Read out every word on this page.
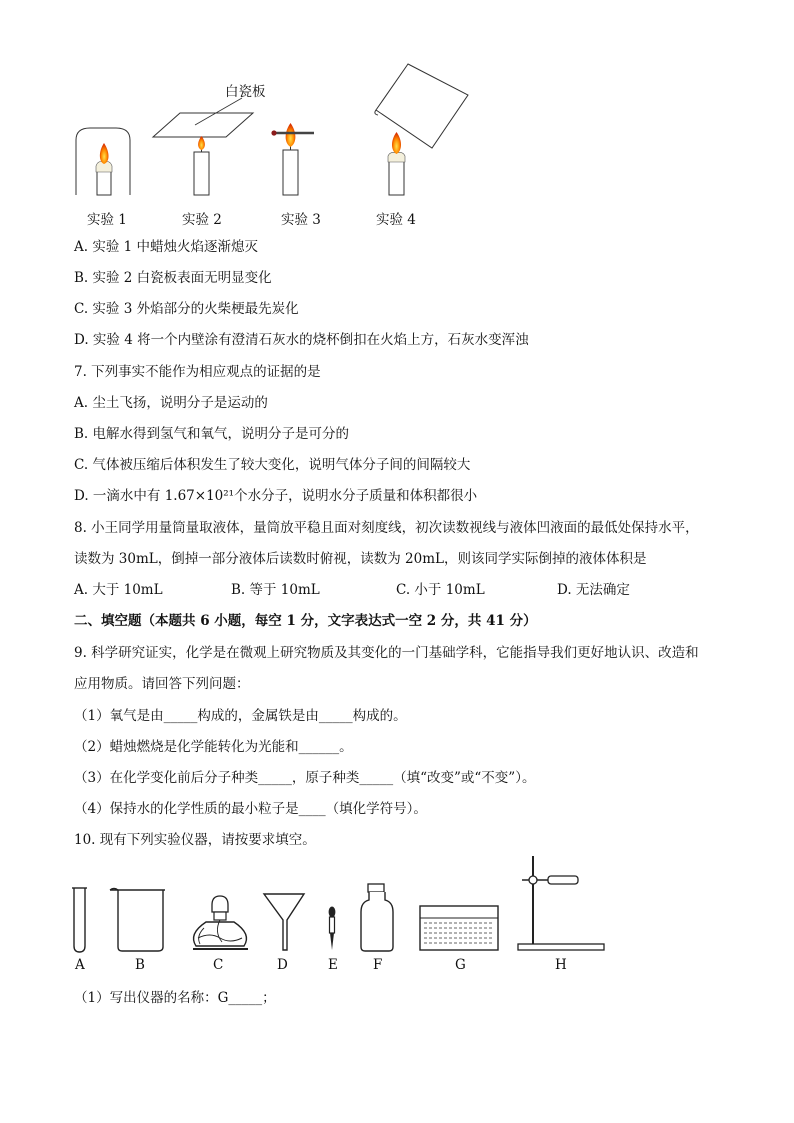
白瓷板
实验 1	实验 2	实验 3	实验 4
A. 实验 1 中蜡烛火焰逐渐熄灭
B. 实验 2 白瓷板表面无明显变化
C. 实验 3 外焰部分的火柴梗最先炭化
D. 实验 4 将一个内壁涂有澄清石灰水的烧杯倒扣在火焰上方，石灰水变浑浊
7. 下列事实不能作为相应观点的证据的是
A. 尘土飞扬，说明分子是运动的
B. 电解水得到氢气和氧气，说明分子是可分的
C. 气体被压缩后体积发生了较大变化，说明气体分子间的间隔较大
D. 一滴水中有 1.67×10²¹个水分子，说明水分子质量和体积都很小
8. 小王同学用量筒量取液体，量筒放平稳且面对刻度线，初次读数视线与液体凹液面的最低处保持水平，
读数为 30mL，倒掉一部分液体后读数时俯视，读数为 20mL，则该同学实际倒掉的液体体积是
A. 大于 10mL	B. 等于 10mL	C. 小于 10mL	D. 无法确定
二、填空题（本题共 6 小题，每空 1 分，文字表达式一空 2 分，共 41 分）
9. 科学研究证实，化学是在微观上研究物质及其变化的一门基础学科，它能指导我们更好地认识、改造和
应用物质。请回答下列问题：
（1）氧气是由_____构成的，金属铁是由_____构成的。
（2）蜡烛燃烧是化学能转化为光能和______。
（3）在化学变化前后分子种类_____，原子种类_____（填“改变”或“不变”）。
（4）保持水的化学性质的最小粒子是____（填化学符号）。
10. 现有下列实验仪器，请按要求填空。
A	B	C	D	E	F	G	H
（1）写出仪器的名称：G_____；
